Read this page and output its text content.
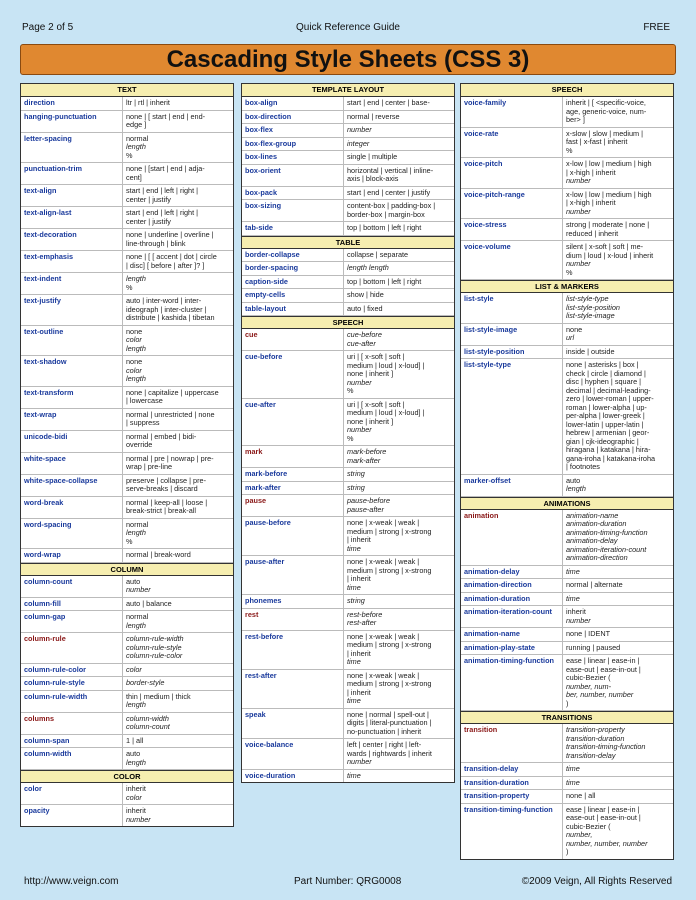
Page 2 of 5	Quick Reference Guide	FREE
Cascading Style Sheets (CSS 3)
TEXT
direction	ltr | rtl | inherit
hanging-punctuation	none | [ start | end | end-
edge ]
letter-spacing	normal
length
%
punctuation-trim	none | [start | end | adja-
cent]
text-align	start | end | left | right |
center | justify
text-align-last	start | end | left | right |
center | justify
text-decoration	none | underline | overline |
line-through | blink
text-emphasis	none | [ [ accent | dot | circle
| disc] [ before | after ]? ]
text-indent	length
%
text-justify	auto | inter-word | inter-
ideograph | inter-cluster |
distribute | kashida | tibetan
text-outline	none
color
length
text-shadow	none
color
length
text-transform	none | capitalize | uppercase
| lowercase
text-wrap	normal | unrestricted | none
| suppress
unicode-bidi	normal | embed | bidi-
override
white-space	normal | pre | nowrap | pre-
wrap | pre-line
white-space-collapse	preserve | collapse | pre-
serve-breaks | discard
word-break	normal | keep-all | loose |
break-strict | break-all
word-spacing	normal
length
%
word-wrap	normal | break-word
COLUMN
column-count	auto
number
column-fill	auto | balance
column-gap	normal
length
column-rule	column-rule-width
column-rule-style
column-rule-color
column-rule-color	color
column-rule-style	border-style
column-rule-width	thin | medium | thick
length
columns	column-width
column-count
column-span	1 | all
column-width	auto
length
COLOR
color	inherit
color
opacity	inherit
number
TEMPLATE LAYOUT
box-align	start | end | center | base-
box-direction	normal | reverse
box-flex	number
box-flex-group	integer
box-lines	single | multiple
box-orient	horizontal | vertical | inline-
axis | block-axis
box-pack	start | end | center | justify
box-sizing	content-box | padding-box |
border-box | margin-box
tab-side	top | bottom | left | right
TABLE
border-collapse	collapse | separate
border-spacing	length length
caption-side	top | bottom | left | right
empty-cells	show | hide
table-layout	auto | fixed
SPEECH
cue	cue-before
cue-after
cue-before	uri | [ x-soft | soft |
medium | loud | x-loud] |
none | inherit ]
number
%
cue-after	uri | [ x-soft | soft |
medium | loud | x-loud] |
none | inherit ]
number
%
mark	mark-before
mark-after
mark-before	string
mark-after	string
pause	pause-before
pause-after
pause-before	none | x-weak | weak |
medium | strong | x-strong
| inherit
time
pause-after	none | x-weak | weak |
medium | strong | x-strong
| inherit
time
phonemes	string
rest	rest-before
rest-after
rest-before	none | x-weak | weak |
medium | strong | x-strong
| inherit
time
rest-after	none | x-weak | weak |
medium | strong | x-strong
| inherit
time
speak	none | normal | spell-out |
digits | literal-punctuation |
no-punctuation | inherit
voice-balance	left | center | right | left-
wards | rightwards | inherit
number
voice-duration	time
SPEECH
voice-family	inherit | [ <specific-voice,
age, generic-voice, num-
ber> ]
voice-rate	x-slow | slow | medium |
fast | x-fast | inherit
%
voice-pitch	x-low | low | medium | high
| x-high | inherit
number
voice-pitch-range	x-low | low | medium | high
| x-high | inherit
number
voice-stress	strong | moderate | none |
reduced | inherit
voice-volume	silent | x-soft | soft | me-
dium | loud | x-loud | inherit
number
%
LIST & MARKERS
list-style	list-style-type
list-style-position
list-style-image
list-style-image	none
url
list-style-position	inside | outside
list-style-type	none | asterisks | box |
check | circle | diamond |
disc | hyphen | square |
decimal | decimal-leading-
zero | lower-roman | upper-
roman | lower-alpha | up-
per-alpha | lower-greek |
lower-latin | upper-latin |
hebrew | armenian | geor-
gian | cjk-ideographic |
hiragana | katakana | hira-
gana-iroha | katakana-iroha
| footnotes
marker-offset	auto
length
ANIMATIONS
animation	animation-name
animation-duration
animation-timing-function
animation-delay
animation-iteration-count
animation-direction
animation-delay	time
animation-direction	normal | alternate
animation-duration	time
animation-iteration-count	inherit
number
animation-name	none | IDENT
animation-play-state	running | paused
animation-timing-function	ease | linear | ease-in |
ease-out | ease-in-out |
cubic-Bezier (
number, num-
ber, number, number
)
TRANSITIONS
transition	transition-property
transition-duration
transition-timing-function
transition-delay
transition-delay	time
transition-duration	time
transition-property	none | all
transition-timing-function	ease | linear | ease-in |
ease-out | ease-in-out |
cubic-Bezier (
number,
number, number, number
)
http://www.veign.com	Part Number: QRG0008	©2009 Veign, All Rights Reserved
